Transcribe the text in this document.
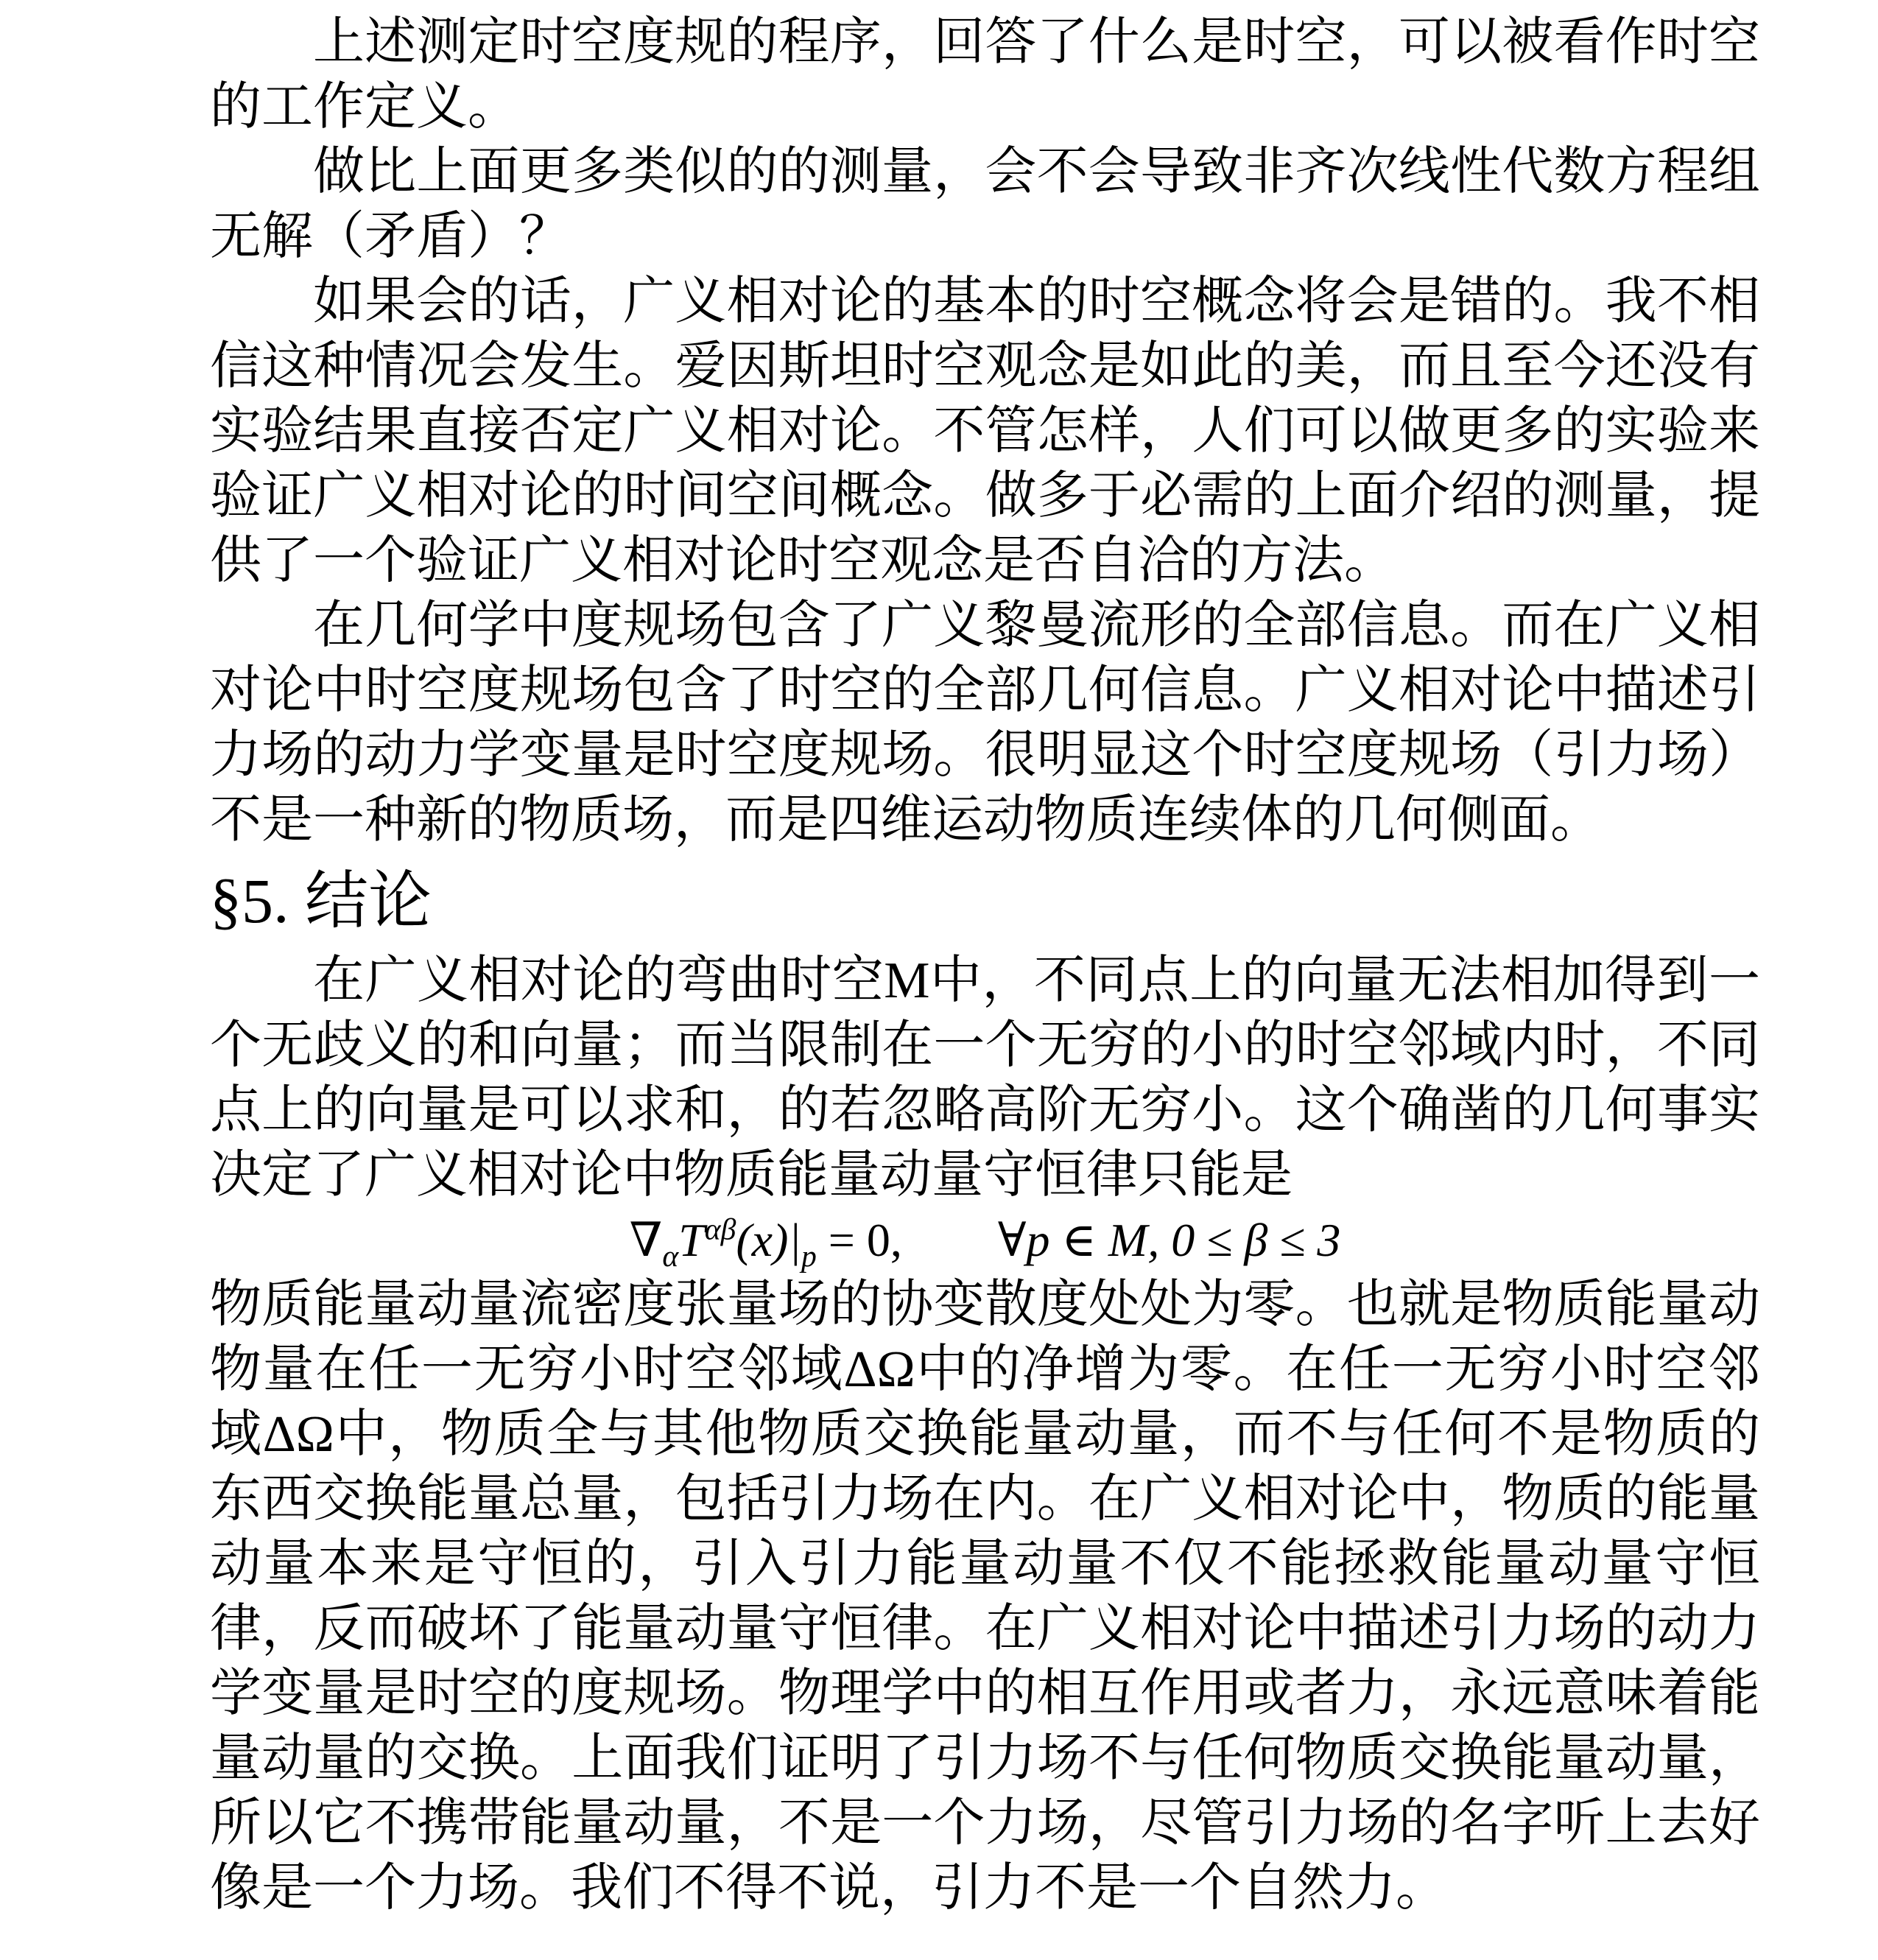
上述测定时空度规的程序，回答了什么是时空，可以被看作时空的工作定义。

做比上面更多类似的的测量，会不会导致非齐次线性代数方程组无解（矛盾）？

如果会的话，广义相对论的基本的时空概念将会是错的。我不相信这种情况会发生。爱因斯坦时空观念是如此的美，而且至今还没有实验结果直接否定广义相对论。不管怎样，人们可以做更多的实验来验证广义相对论的时间空间概念。做多于必需的上面介绍的测量，提供了一个验证广义相对论时空观念是否自洽的方法。

在几何学中度规场包含了广义黎曼流形的全部信息。而在广义相对论中时空度规场包含了时空的全部几何信息。广义相对论中描述引力场的动力学变量是时空度规场。很明显这个时空度规场（引力场）不是一种新的物质场，而是四维运动物质连续体的几何侧面。

§5. 结论

在广义相对论的弯曲时空M中，不同点上的向量无法相加得到一个无歧义的和向量；而当限制在一个无穷的小的时空邻域内时，不同点上的向量是可以求和，的若忽略高阶无穷小。这个确凿的几何事实决定了广义相对论中物质能量动量守恒律只能是

$\nabla_\alpha T^{\alpha\beta}(x)|_p = 0$, ∀p ∈ M, 0 ≤ β ≤ 3

物质能量动量流密度张量场的协变散度处处为零。也就是物质能量动物量在任一无穷小时空邻域ΔΩ中的净增为零。在任一无穷小时空邻域ΔΩ中，物质全与其他物质交换能量动量，而不与任何不是物质的东西交换能量总量，包括引力场在内。在广义相对论中，物质的能量动量本来是守恒的，引入引力能量动量不仅不能拯救能量动量守恒律，反而破坏了能量动量守恒律。在广义相对论中描述引力场的动力学变量是时空的度规场。物理学中的相互作用或者力，永远意味着能量动量的交换。上面我们证明了引力场不与任何物质交换能量动量，所以它不携带能量动量，不是一个力场，尽管引力场的名字听上去好像是一个力场。我们不得不说，引力不是一个自然力。
